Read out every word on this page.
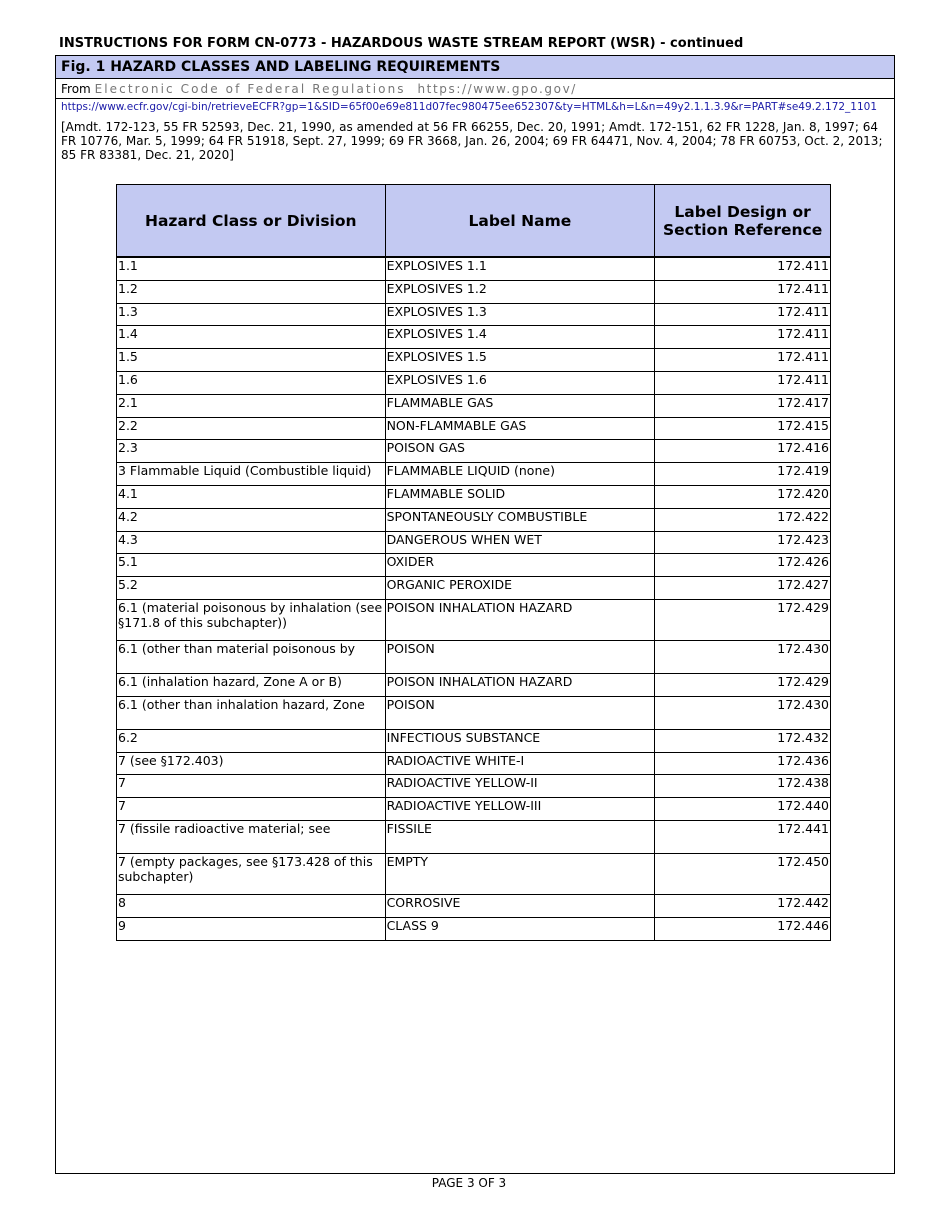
INSTRUCTIONS FOR FORM CN-0773 - HAZARDOUS WASTE STREAM REPORT (WSR) - continued
Fig. 1 HAZARD CLASSES AND LABELING REQUIREMENTS
From Electronic Code of Federal Regulations https://www.gpo.gov/
https://www.ecfr.gov/cgi-bin/retrieveECFR?gp=1&SID=65f00e69e811d07fec980475ee652307&ty=HTML&h=L&n=49y2.1.1.3.9&r=PART#se49.2.172_1101
[Amdt. 172-123, 55 FR 52593, Dec. 21, 1990, as amended at 56 FR 66255, Dec. 20, 1991; Amdt. 172-151, 62 FR 1228, Jan. 8, 1997; 64 FR 10776, Mar. 5, 1999; 64 FR 51918, Sept. 27, 1999; 69 FR 3668, Jan. 26, 2004; 69 FR 64471, Nov. 4, 2004; 78 FR 60753, Oct. 2, 2013; 85 FR 83381, Dec. 21, 2020]
Hazard Class or Division	Label Name	Label Design or Section Reference
1.1	EXPLOSIVES 1.1	172.411
1.2	EXPLOSIVES 1.2	172.411
1.3	EXPLOSIVES 1.3	172.411
1.4	EXPLOSIVES 1.4	172.411
1.5	EXPLOSIVES 1.5	172.411
1.6	EXPLOSIVES 1.6	172.411
2.1	FLAMMABLE GAS	172.417
2.2	NON-FLAMMABLE GAS	172.415
2.3	POISON GAS	172.416
3 Flammable Liquid (Combustible liquid)	FLAMMABLE LIQUID (none)	172.419
4.1	FLAMMABLE SOLID	172.420
4.2	SPONTANEOUSLY COMBUSTIBLE	172.422
4.3	DANGEROUS WHEN WET	172.423
5.1	OXIDER	172.426
5.2	ORGANIC PEROXIDE	172.427
6.1 (material poisonous by inhalation (see §171.8 of this subchapter))	POISON INHALATION HAZARD	172.429
6.1 (other than material poisonous by	POISON	172.430
6.1 (inhalation hazard, Zone A or B)	POISON INHALATION HAZARD	172.429
6.1 (other than inhalation hazard, Zone	POISON	172.430
6.2	INFECTIOUS SUBSTANCE	172.432
7 (see §172.403)	RADIOACTIVE WHITE-I	172.436
7	RADIOACTIVE YELLOW-II	172.438
7	RADIOACTIVE YELLOW-III	172.440
7 (fissile radioactive material; see	FISSILE	172.441
7 (empty packages, see §173.428 of this subchapter)	EMPTY	172.450
8	CORROSIVE	172.442
9	CLASS 9	172.446
PAGE 3 OF 3
